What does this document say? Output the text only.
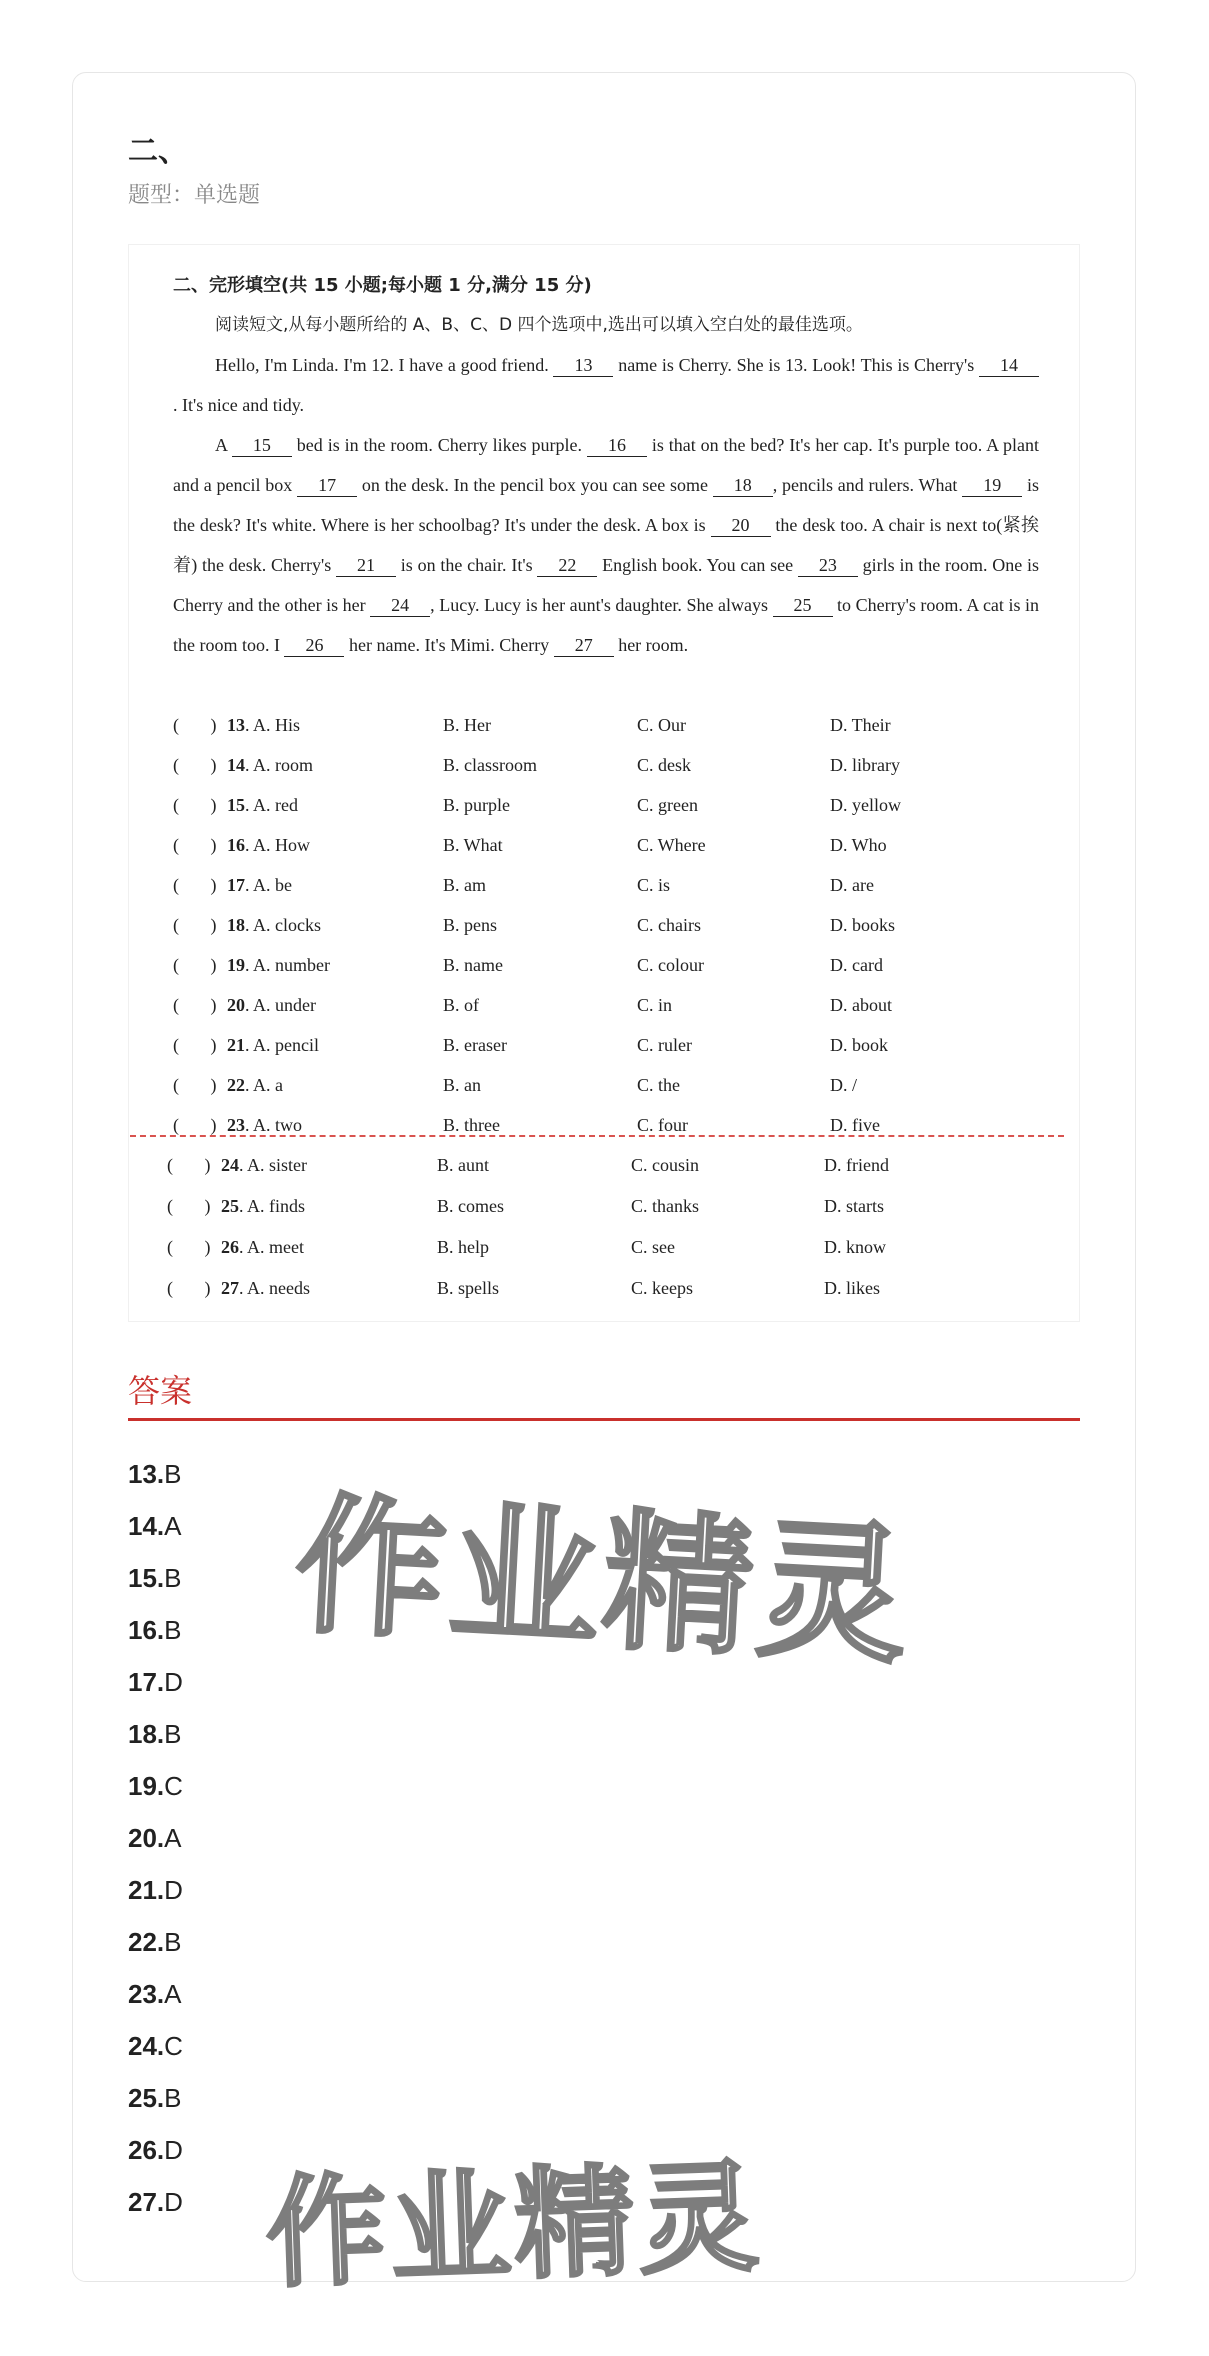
二、
题型：单选题
二、完形填空(共 15 小题;每小题 1 分,满分 15 分)
阅读短文,从每小题所给的 A、B、C、D 四个选项中,选出可以填入空白处的最佳选项。
Hello, I'm Linda. I'm 12. I have a good friend. 13 name is Cherry. She is 13. Look! This is Cherry's 14. It's nice and tidy.
A 15 bed is in the room. Cherry likes purple. 16 is that on the bed? It's her cap. It's purple too. A plant and a pencil box 17 on the desk. In the pencil box you can see some 18 , pencils and rulers. What 19 is the desk? It's white. Where is her schoolbag? It's under the desk. A box is 20 the desk too. A chair is next to(紧挨着) the desk. Cherry's 21 is on the chair. It's 22 English book. You can see 23 girls in the room. One is Cherry and the other is her 24 , Lucy. Lucy is her aunt's daughter. She always 25 to Cherry's room. A cat is in the room too. I 26 her name. It's Mimi. Cherry 27 her room.
(       ) 13. A. His	B. Her	C. Our	D. Their
(       ) 14. A. room	B. classroom	C. desk	D. library
(       ) 15. A. red	B. purple	C. green	D. yellow
(       ) 16. A. How	B. What	C. Where	D. Who
(       ) 17. A. be	B. am	C. is	D. are
(       ) 18. A. clocks	B. pens	C. chairs	D. books
(       ) 19. A. number	B. name	C. colour	D. card
(       ) 20. A. under	B. of	C. in	D. about
(       ) 21. A. pencil	B. eraser	C. ruler	D. book
(       ) 22. A. a	B. an	C. the	D. /
(       ) 23. A. two	B. three	C. four	D. five
(       ) 24. A. sister	B. aunt	C. cousin	D. friend
(       ) 25. A. finds	B. comes	C. thanks	D. starts
(       ) 26. A. meet	B. help	C. see	D. know
(       ) 27. A. needs	B. spells	C. keeps	D. likes
答案
13.B
14.A
15.B
16.B
17.D
18.B
19.C
20.A
21.D
22.B
23.A
24.C
25.B
26.D
27.D
作业精灵
作业精灵
